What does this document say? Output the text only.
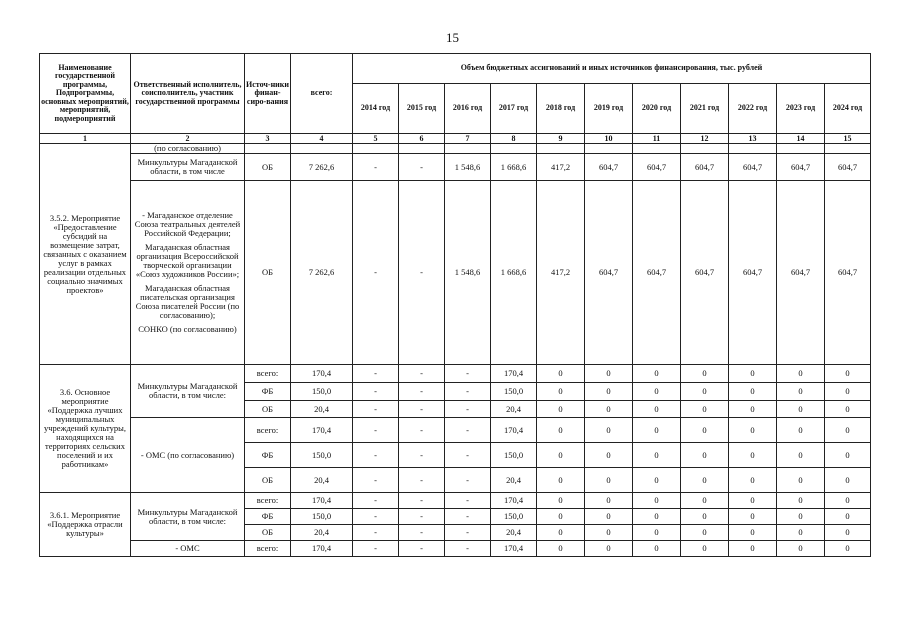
15
Наименование государственной программы, Подпрограммы, основных мероприятий, мероприятий, подмероприятий	Ответственный исполнитель, соисполнитель, участник государственной программы	Источ-ники финан-сиро-вания	всего:	Объем бюджетных ассигнований и иных источников финансирования, тыс. рублей										
				2014 год	2015 год	2016 год	2017 год	2018 год	2019 год	2020 год	2021 год	2022 год	2023 год	2024 год
1	2	3	4	5	6	7	8	9	10	11	12	13	14	15
3.5.2. Мероприятие «Предоставление субсидий на возмещение затрат, связанных с оказанием услуг в рамках реализации отдельных социально значимых проектов»	(по согласованию)													
	Минкультуры Магаданской области, в том числе	ОБ	7 262,6	-	-	1 548,6	1 668,6	417,2	604,7	604,7	604,7	604,7	604,7	604,7

	- Магаданское отделение Союза театральных деятелей Российской Федерации;
Магаданская областная организация Всероссийской творческой организации «Союз художников России»;
Магаданская областная писательская организация Союза писателей России (по согласованию);
СОНКО (по согласованию)	ОБ	7 262,6	-	-	1 548,6	1 668,6	417,2	604,7	604,7	604,7	604,7	604,7	604,7
3.6. Основное мероприятие «Поддержка лучших муниципальных учреждений культуры, находящихся на территориях сельских поселений и их работникам»	Минкультуры Магаданской области, в том числе:	всего:	170,4	-	-	-	170,4	0	0	0	0	0	0	0
		ФБ	150,0	-	-	-	150,0	0	0	0	0	0	0	0
		ОБ	20,4	-	-	-	20,4	0	0	0	0	0	0	0
	- ОМС (по согласованию)	всего:	170,4	-	-	-	170,4	0	0	0	0	0	0	0
		ФБ	150,0	-	-	-	150,0	0	0	0	0	0	0	0
		ОБ	20,4	-	-	-	20,4	0	0	0	0	0	0	0
3.6.1. Мероприятие «Поддержка отрасли культуры»	Минкультуры Магаданской области, в том числе:	всего:	170,4	-	-	-	170,4	0	0	0	0	0	0	0
		ФБ	150,0	-	-	-	150,0	0	0	0	0	0	0	0
		ОБ	20,4	-	-	-	20,4	0	0	0	0	0	0	0
	- ОМС	всего:	170,4	-	-	-	170,4	0	0	0	0	0	0	0
